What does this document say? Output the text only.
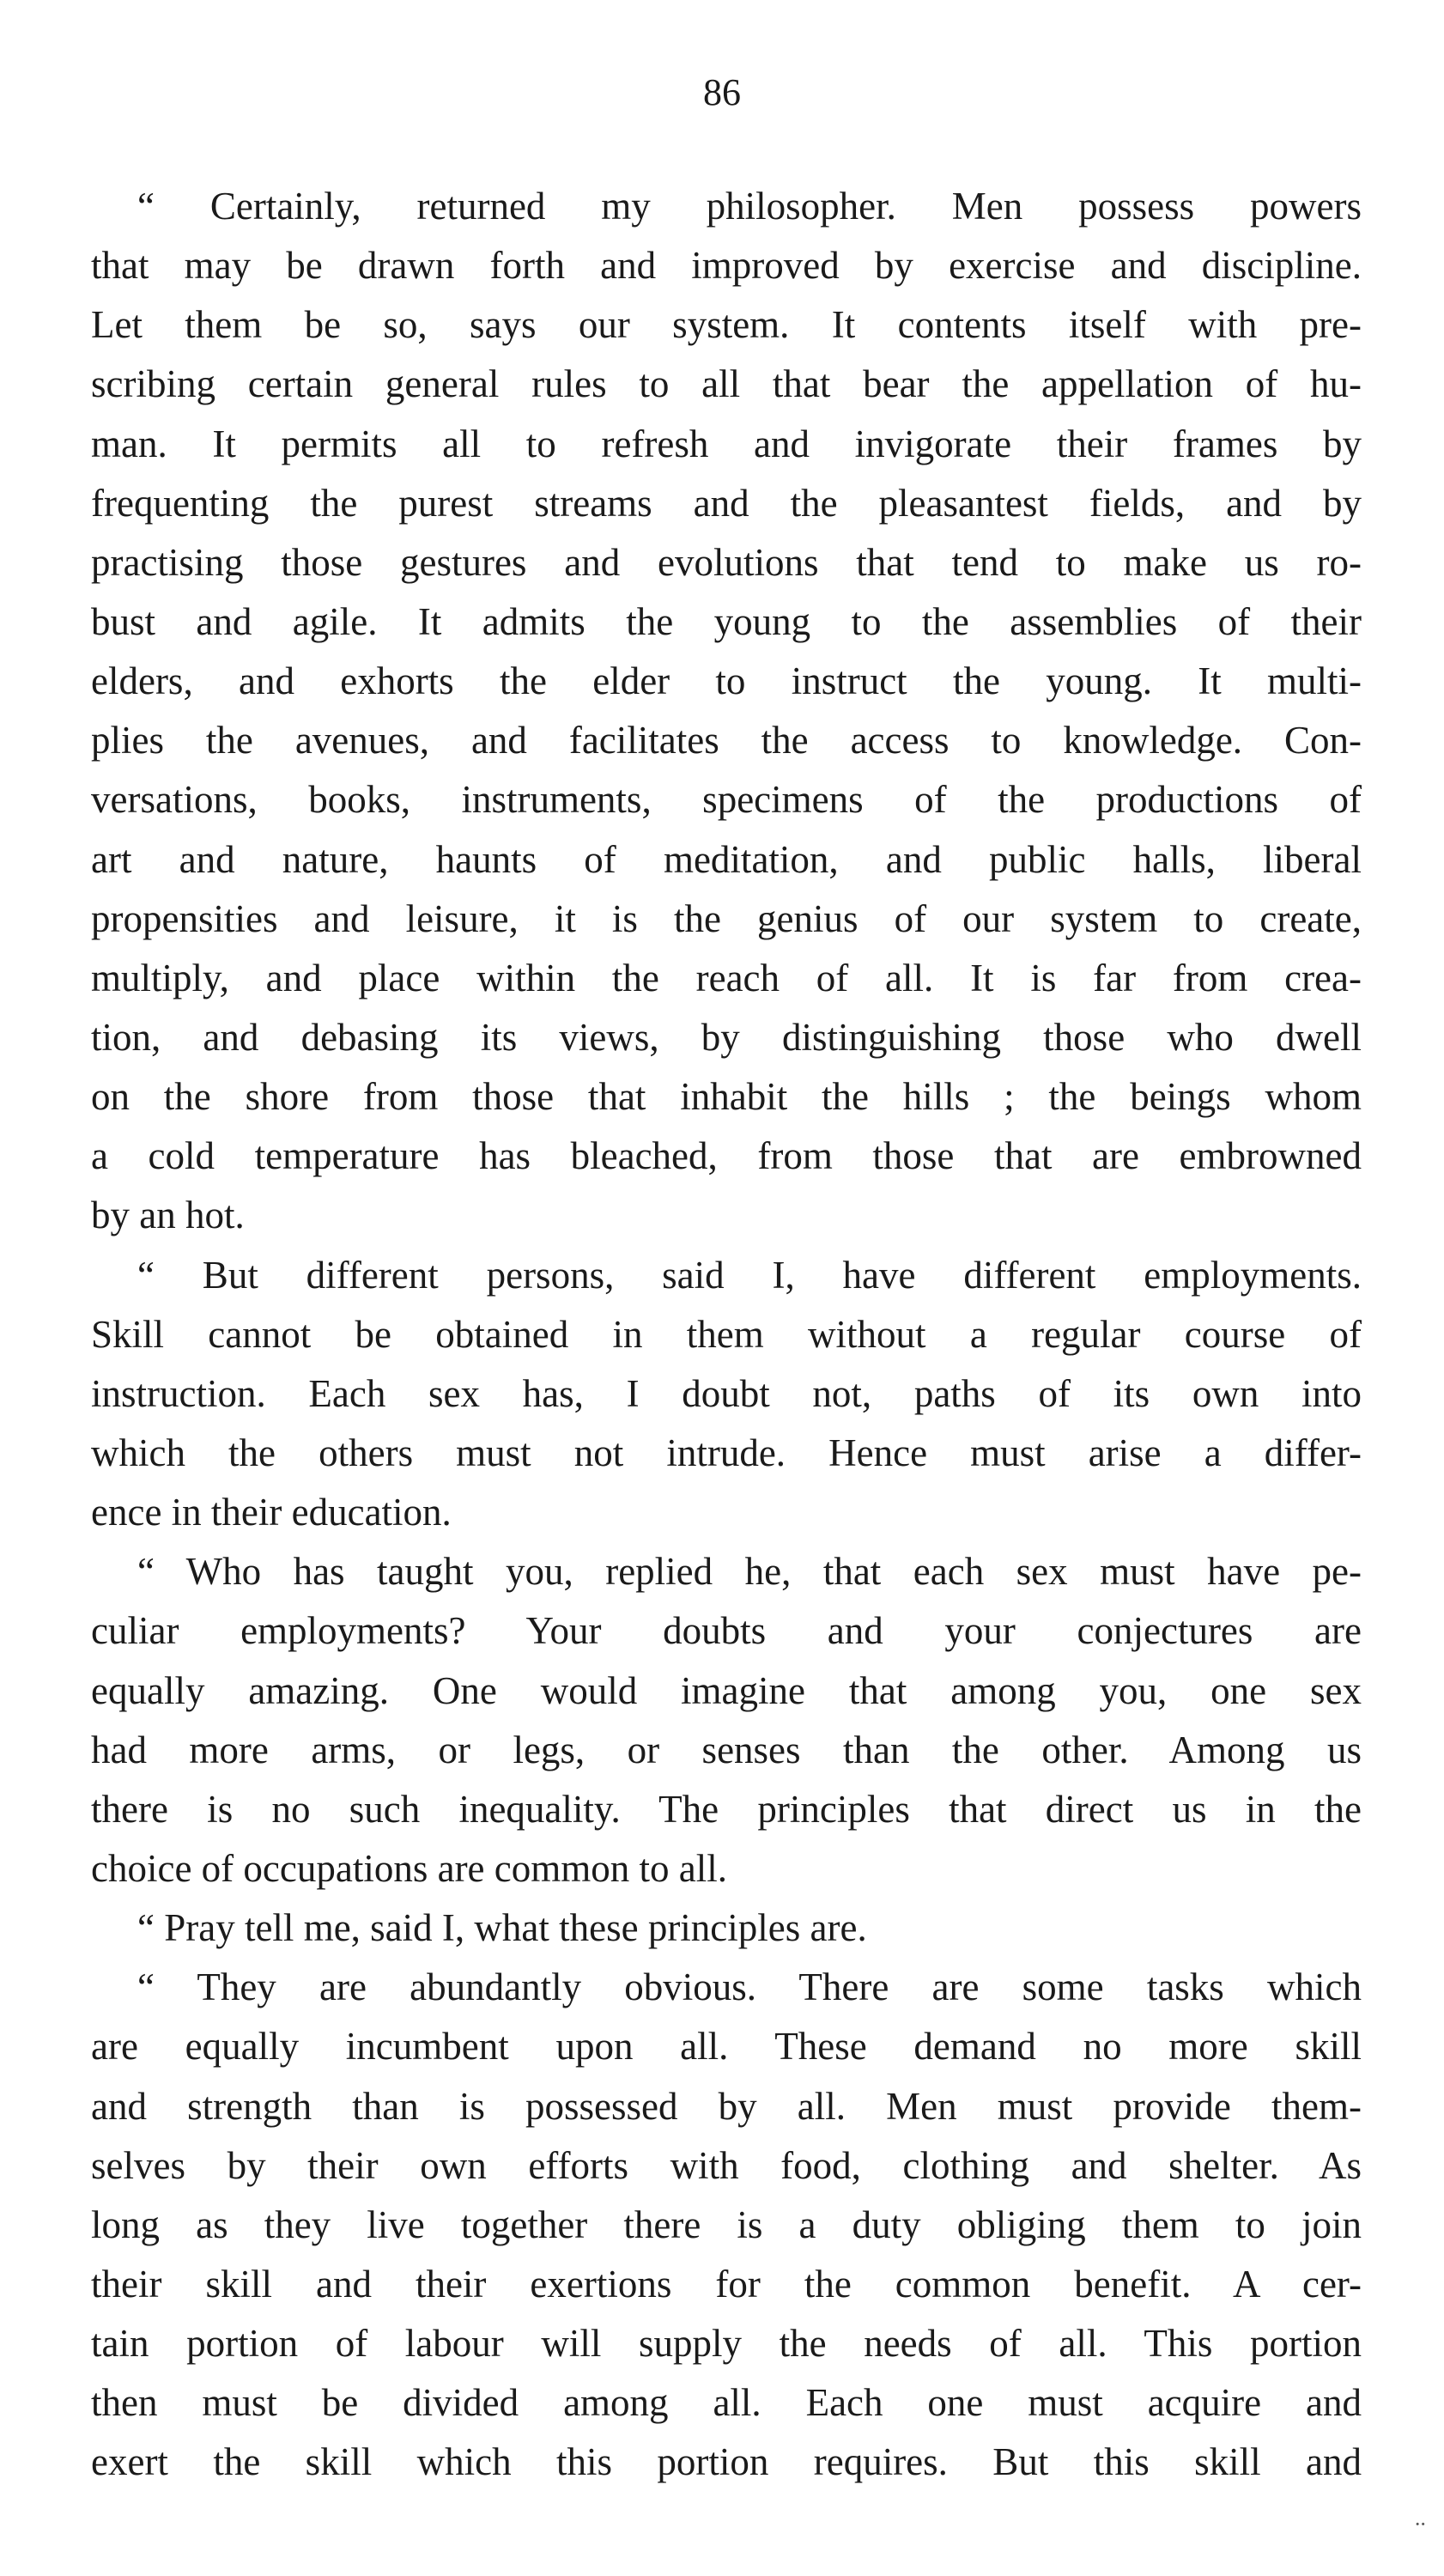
86
“ Certainly, returned my philosopher. Men possess powers
that may be drawn forth and improved by exercise and discipline.
Let them be so, says our system. It contents itself with pre-
scribing certain general rules to all that bear the appellation of hu-
man. It permits all to refresh and invigorate their frames by
frequenting the purest streams and the pleasantest fields, and by
practising those gestures and evolutions that tend to make us ro-
bust and agile. It admits the young to the assemblies of their
elders, and exhorts the elder to instruct the young. It multi-
plies the avenues, and facilitates the access to knowledge. Con-
versations, books, instruments, specimens of the productions of
art and nature, haunts of meditation, and public halls, liberal
propensities and leisure, it is the genius of our system to create,
multiply, and place within the reach of all. It is far from crea-
tion, and debasing its views, by distinguishing those who dwell
on the shore from those that inhabit the hills ; the beings whom
a cold temperature has bleached, from those that are embrowned
by an hot.
“ But different persons, said I, have different employments.
Skill cannot be obtained in them without a regular course of
instruction. Each sex has, I doubt not, paths of its own into
which the others must not intrude. Hence must arise a differ-
ence in their education.
“ Who has taught you, replied he, that each sex must have pe-
culiar employments? Your doubts and your conjectures are
equally amazing. One would imagine that among you, one sex
had more arms, or legs, or senses than the other. Among us
there is no such inequality. The principles that direct us in the
choice of occupations are common to all.
“ Pray tell me, said I, what these principles are.
“ They are abundantly obvious. There are some tasks which
are equally incumbent upon all. These demand no more skill
and strength than is possessed by all. Men must provide them-
selves by their own efforts with food, clothing and shelter. As
long as they live together there is a duty obliging them to join
their skill and their exertions for the common benefit. A cer-
tain portion of labour will supply the needs of all. This portion
then must be divided among all. Each one must acquire and
exert the skill which this portion requires. But this skill and
∙∙
